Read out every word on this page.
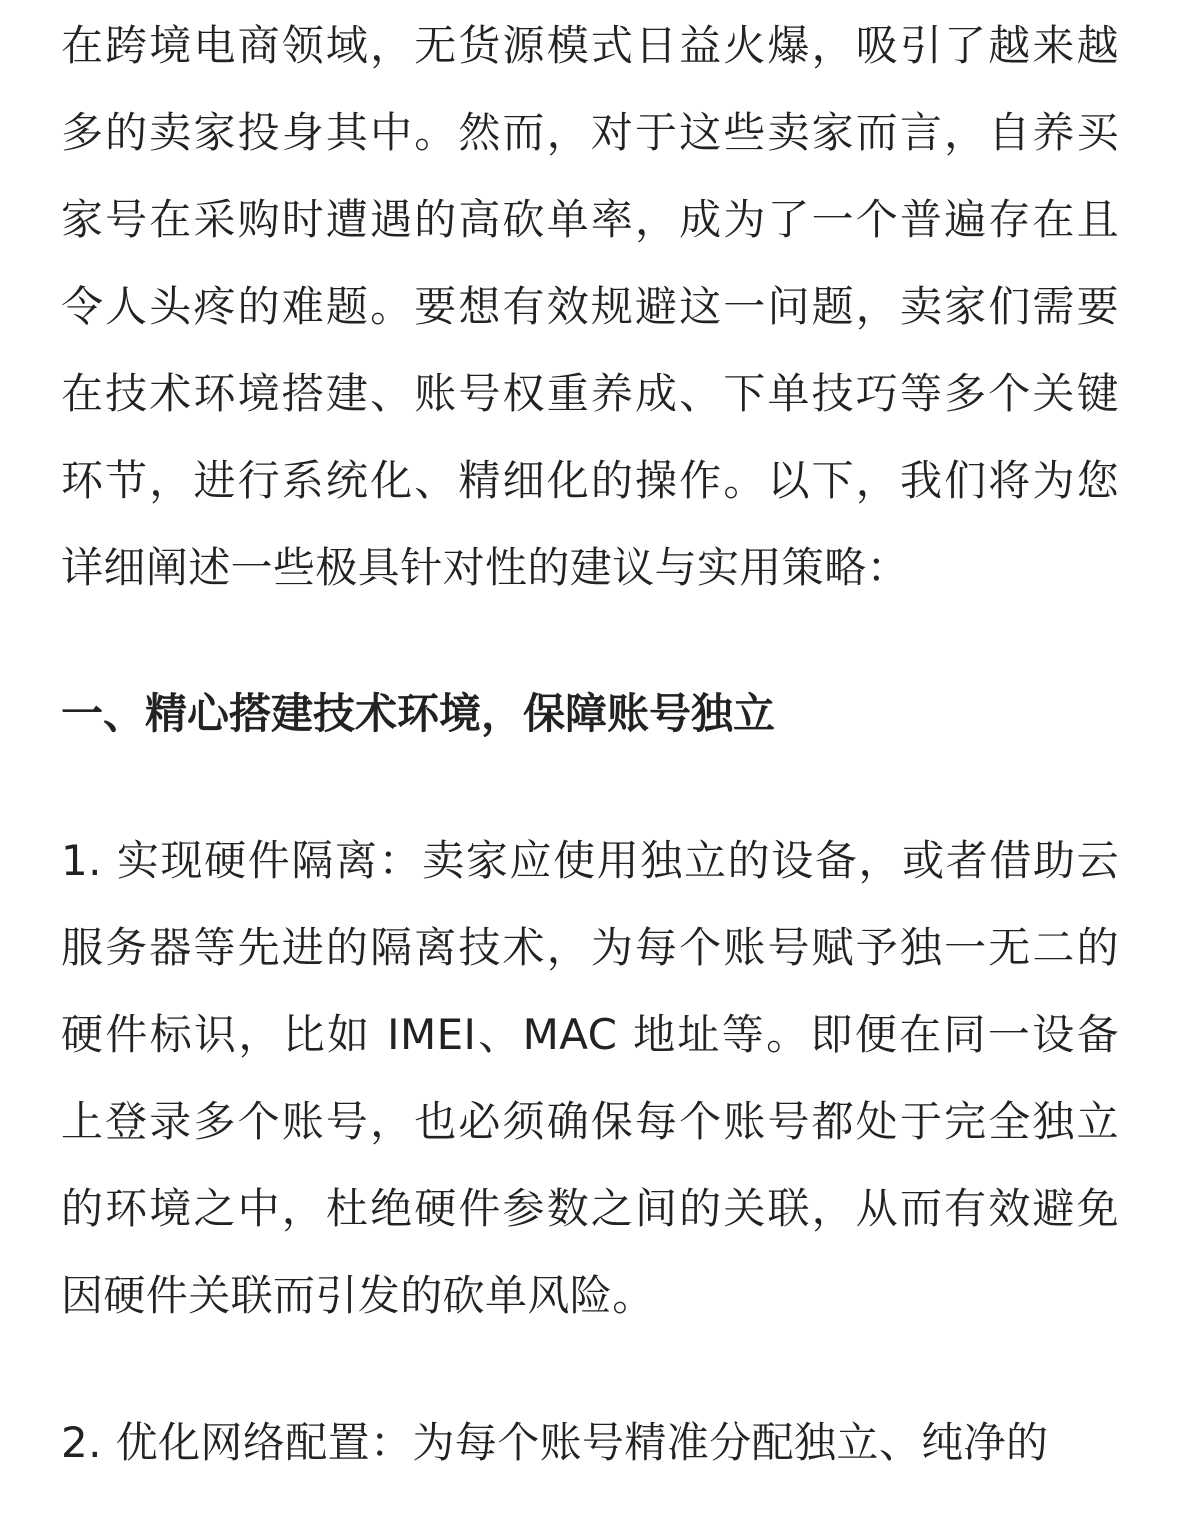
在跨境电商领域，无货源模式日益火爆，吸引了越来越多的卖家投身其中。然而，对于这些卖家而言，自养买家号在采购时遭遇的高砍单率，成为了一个普遍存在且令人头疼的难题。要想有效规避这一问题，卖家们需要在技术环境搭建、账号权重养成、下单技巧等多个关键环节，进行系统化、精细化的操作。以下，我们将为您详细阐述一些极具针对性的建议与实用策略：

一、精心搭建技术环境，保障账号独立

1. 实现硬件隔离：卖家应使用独立的设备，或者借助云服务器等先进的隔离技术，为每个账号赋予独一无二的硬件标识，比如 IMEI、MAC 地址等。即便在同一设备上登录多个账号，也必须确保每个账号都处于完全独立的环境之中，杜绝硬件参数之间的关联，从而有效避免因硬件关联而引发的砍单风险。

2. 优化网络配置：为每个账号精准分配独立、纯净的
